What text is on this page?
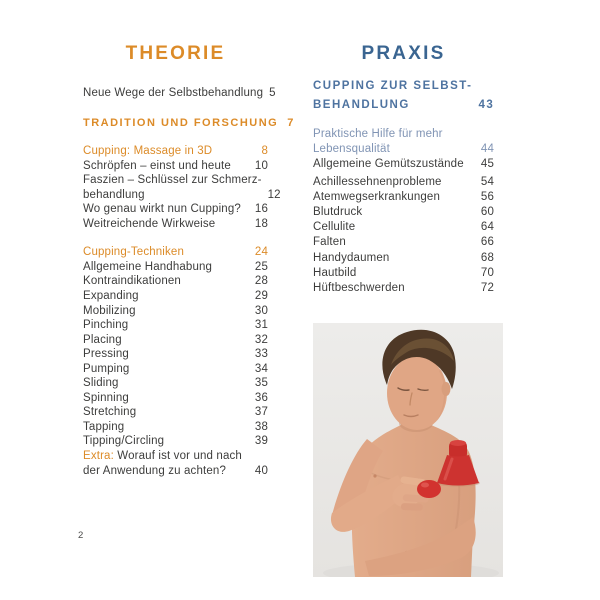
THEORIE	PRAXIS
Neue Wege der Selbstbehandlung 5
TRADITION UND FORSCHUNG 7
Cupping: Massage in 3D	8
Schröpfen – einst und heute 10
Faszien – Schlüssel zur Schmerz-
behandlung	12
Wo genau wirkt nun Cupping? 16
Weitreichende Wirkweise	18
Cupping-Techniken	24
Allgemeine Handhabung	25
Kontraindikationen	28
Expanding	29
Mobilizing	30
Pinching	31
Placing	32
Pressing	33
Pumping	34
Sliding	35
Spinning	36
Stretching	37
Tapping	38
Tipping/Circling	39
Extra: Worauf ist vor und nach
der Anwendung zu achten?	40
CUPPING ZUR SELBST-
BEHANDLUNG	43
Praktische Hilfe für mehr
Lebensqualität	44
Allgemeine Gemütszustände 45
Achillessehnenprobleme	54
Atemwegserkrankungen	56
Blutdruck	60
Cellulite	64
Falten	66
Handydaumen	68
Hautbild	70
Hüftbeschwerden	72
2
